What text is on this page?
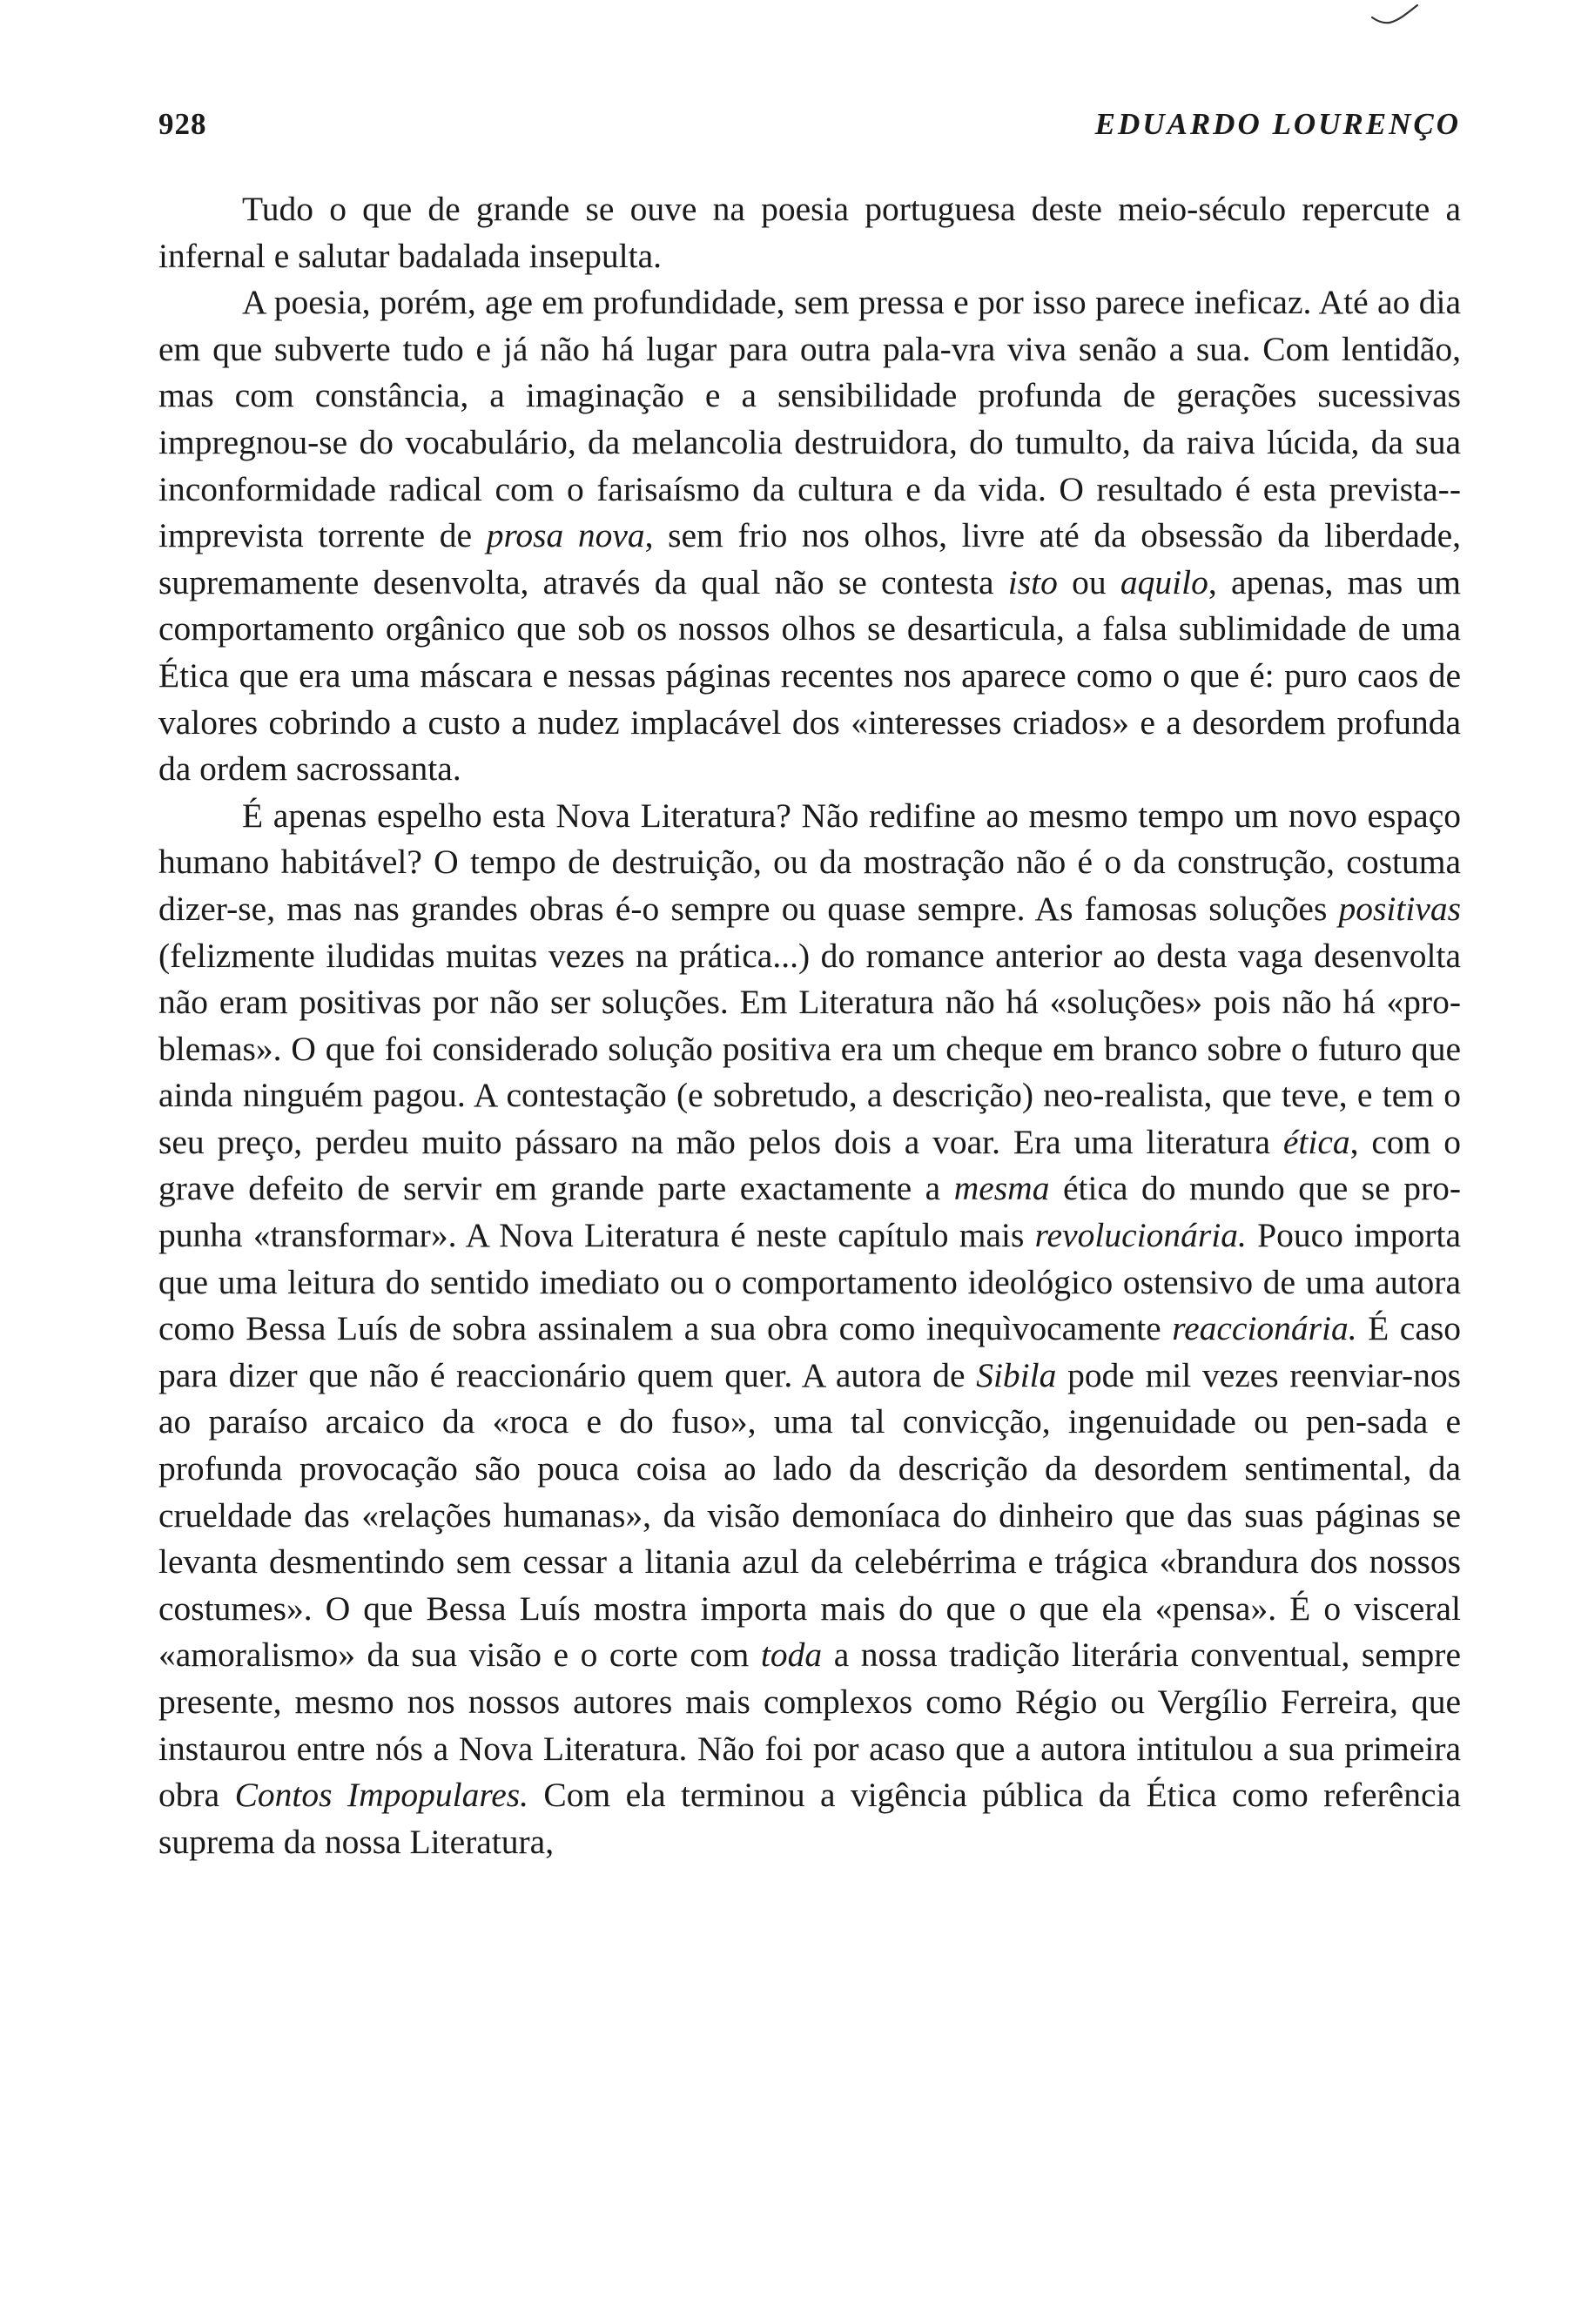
928	EDUARDO LOURENÇO

Tudo o que de grande se ouve na poesia portuguesa deste meio-século repercute a infernal e salutar badalada insepulta.

A poesia, porém, age em profundidade, sem pressa e por isso parece ineficaz. Até ao dia em que subverte tudo e já não há lugar para outra pala-vra viva senão a sua. Com lentidão, mas com constância, a imaginação e a sensibilidade profunda de gerações sucessivas impregnou-se do vocabulário, da melancolia destruidora, do tumulto, da raiva lúcida, da sua inconformidade radical com o farisaísmo da cultura e da vida. O resultado é esta prevista--imprevista torrente de prosa nova, sem frio nos olhos, livre até da obsessão da liberdade, supremamente desenvolta, através da qual não se contesta isto ou aquilo, apenas, mas um comportamento orgânico que sob os nossos olhos se desarticula, a falsa sublimidade de uma Ética que era uma máscara e nessas páginas recentes nos aparece como o que é: puro caos de valores cobrindo a custo a nudez implacável dos «interesses criados» e a desordem profunda da ordem sacrossanta.

É apenas espelho esta Nova Literatura? Não redifine ao mesmo tempo um novo espaço humano habitável? O tempo de destruição, ou da mostração não é o da construção, costuma dizer-se, mas nas grandes obras é-o sempre ou quase sempre. As famosas soluções positivas (felizmente iludidas muitas vezes na prática...) do romance anterior ao desta vaga desenvolta não eram positivas por não ser soluções. Em Literatura não há «soluções» pois não há «pro-blemas». O que foi considerado solução positiva era um cheque em branco sobre o futuro que ainda ninguém pagou. A contestação (e sobretudo, a descrição) neo-realista, que teve, e tem o seu preço, perdeu muito pássaro na mão pelos dois a voar. Era uma literatura ética, com o grave defeito de servir em grande parte exactamente a mesma ética do mundo que se pro-punha «transformar». A Nova Literatura é neste capítulo mais revolucionária. Pouco importa que uma leitura do sentido imediato ou o comportamento ideológico ostensivo de uma autora como Bessa Luís de sobra assinalem a sua obra como inequìvocamente reaccionária. É caso para dizer que não é reaccionário quem quer. A autora de Sibila pode mil vezes reenviar-nos ao paraíso arcaico da «roca e do fuso», uma tal convicção, ingenuidade ou pen-sada e profunda provocação são pouca coisa ao lado da descrição da desordem sentimental, da crueldade das «relações humanas», da visão demoníaca do dinheiro que das suas páginas se levanta desmentindo sem cessar a litania azul da celebérrima e trágica «brandura dos nossos costumes». O que Bessa Luís mostra importa mais do que o que ela «pensa». É o visceral «amoralismo» da sua visão e o corte com toda a nossa tradição literária conventual, sempre presente, mesmo nos nossos autores mais complexos como Régio ou Vergílio Ferreira, que instaurou entre nós a Nova Literatura. Não foi por acaso que a autora intitulou a sua primeira obra Contos Impopulares. Com ela terminou a vigência pública da Ética como referência suprema da nossa Literatura,
